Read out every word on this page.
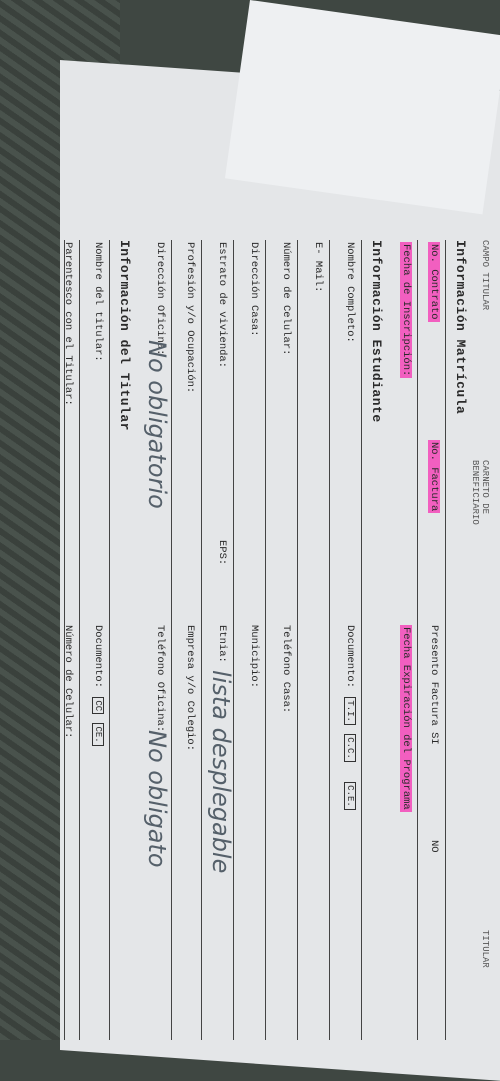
CAMPO TITULAR
CARNETO DE BENEFICIARIO
TITULAR
Información Matrícula
No. Contrato
No. Factura
Presento Factura SI
NO
Fecha de Inscripción:
Fecha Expiración del Programa
Información Estudiante
Nombre Completo:
Documento: T.I. C.C. C.E.
E- Mail:
Número de Celular:
Teléfono Casa:
Dirección Casa:
Municipio:
Estrato de vivienda:
EPS:
Etnia:
lista desplegable
Profesión y/o Ocupación:
Empresa y/o Colegio:
Dirección Oficina:
No obligatorio
Teléfono Oficina:
No obligato
Información del Titular
Nombre del titular:
Documento: CC CE.
Parentesco con el Titular:
Número de Celular:
